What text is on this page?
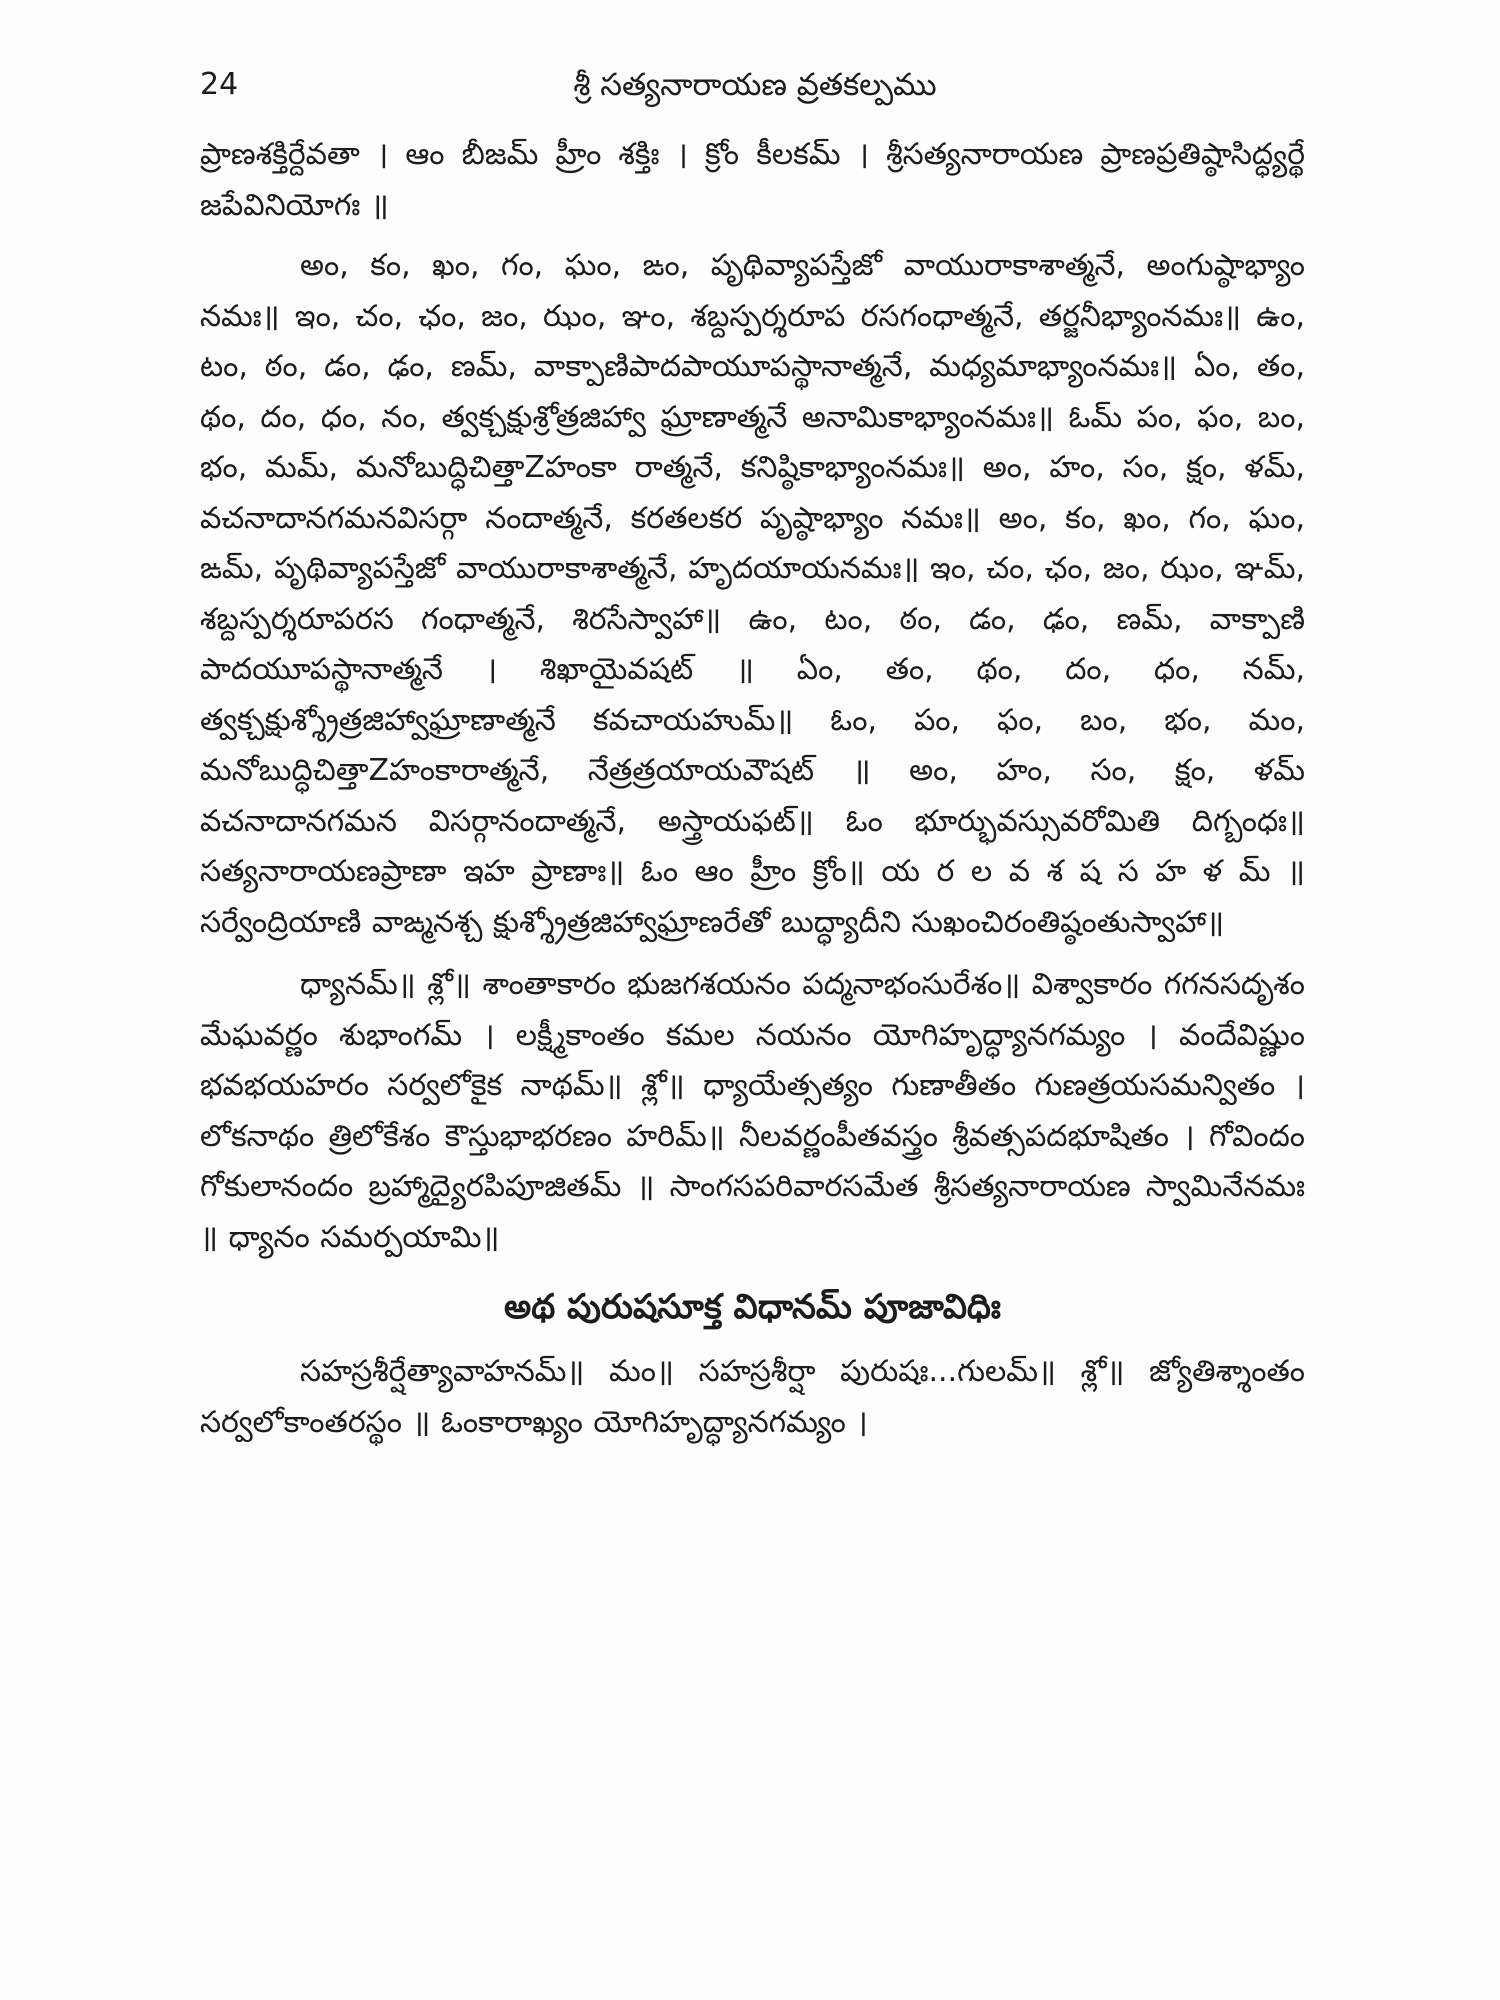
24	శ్రీ సత్యనారాయణ వ్రతకల్పము

ప్రాణశక్తిర్దేవతా । ఆం బీజమ్ హ్రీం శక్తిః । క్రోం కీలకమ్ । శ్రీసత్యనారాయణ ప్రాణప్రతిష్ఠాసిద్ధ్యర్థే జపేవినియోగః ॥

అం, కం, ఖం, గం, ఘం, ఙం, పృథివ్యాపస్తేజో వాయురాకాశాత్మనే, అంగుష్ఠాభ్యాం నమః॥ ఇం, చం, ఛం, జం, ఝం, ఞం, శబ్దస్పర్శరూప రసగంధాత్మనే, తర్జనీభ్యాంనమః॥ ఉం, టం, ఠం, డం, ఢం, ణమ్, వాక్పాణిపాదపాయూపస్థానాత్మనే, మధ్యమాభ్యాంనమః॥ ఏం, తం, థం, దం, ధం, నం, త్వక్చక్షుశ్రోత్రజిహ్వా ఘ్రాణాత్మనే అనామికాభ్యాంనమః॥ ఓమ్ పం, ఫం, బం, భం, మమ్, మనోబుద్ధిచిత్తాZహంకా రాత్మనే, కనిష్ఠికాభ్యాంనమః॥ అం, హం, సం, క్షం, ళమ్, వచనాదానగమనవిసర్గా నందాత్మనే, కరతలకర పృష్ఠాభ్యాం నమః॥ అం, కం, ఖం, గం, ఘం, ఙమ్, పృథివ్యాపస్తేజో వాయురాకాశాత్మనే, హృదయాయనమః॥ ఇం, చం, ఛం, జం, ఝం, ఞమ్, శబ్దస్పర్శరూపరస గంధాత్మనే, శిరసేస్వాహా॥ ఉం, టం, ఠం, డం, ఢం, ణమ్, వాక్పాణి పాదయూపస్థానాత్మనే । శిఖాయైవషట్ ॥ ఏం, తం, థం, దం, ధం, నమ్, త్వక్చక్షుశ్శ్రోత్రజిహ్వాఘ్రాణాత్మనే కవచాయహుమ్॥ ఓం, పం, ఫం, బం, భం, మం, మనోబుద్ధిచిత్తాZహంకారాత్మనే, నేత్రత్రయాయవౌషట్ ॥ అం, హం, సం, క్షం, ళమ్ వచనాదానగమన విసర్గానందాత్మనే, అస్త్రాయఫట్॥ ఓం భూర్భువస్సువరోమితి దిగ్బంధః॥ సత్యనారాయణప్రాణా ఇహ ప్రాణాః॥ ఓం ఆం హ్రీం క్రోం॥ య ర ల వ శ ష స హ ళ మ్ ॥ సర్వేంద్రియాణి వాఙ్మనశ్చ క్షుశ్శ్రోత్రజిహ్వాఘ్రాణరేతో బుద్ధ్యాదీని సుఖంచిరంతిష్ఠంతుస్వాహా॥

ధ్యానమ్॥ శ్లో॥ శాంతాకారం భుజగశయనం పద్మనాభంసురేశం॥ విశ్వాకారం గగనసదృశం మేఘవర్ణం శుభాంగమ్ । లక్ష్మీకాంతం కమల నయనం యోగిహృద్ధ్యానగమ్యం । వందేవిష్ణుం భవభయహరం సర్వలోకైక నాథమ్॥ శ్లో॥ ధ్యాయేత్సత్యం గుణాతీతం గుణత్రయసమన్వితం । లోకనాథం త్రిలోకేశం కౌస్తుభాభరణం హరిమ్॥ నీలవర్ణంపీతవస్త్రం శ్రీవత్సపదభూషితం । గోవిందం గోకులానందం బ్రహ్మాద్యైరపిపూజితమ్ ॥ సాంగసపరివారసమేత శ్రీసత్యనారాయణ స్వామినేనమః ॥ ధ్యానం సమర్పయామి॥

అథ పురుషసూక్త విధానమ్ పూజావిధిః

సహస్రశీర్షేత్యావాహనమ్॥ మం॥ సహస్రశీర్షా పురుషః...గులమ్॥ శ్లో॥ జ్యోతిశ్శాంతం సర్వలోకాంతరస్థం ॥ ఓంకారాఖ్యం యోగిహృద్ధ్యానగమ్యం ।
